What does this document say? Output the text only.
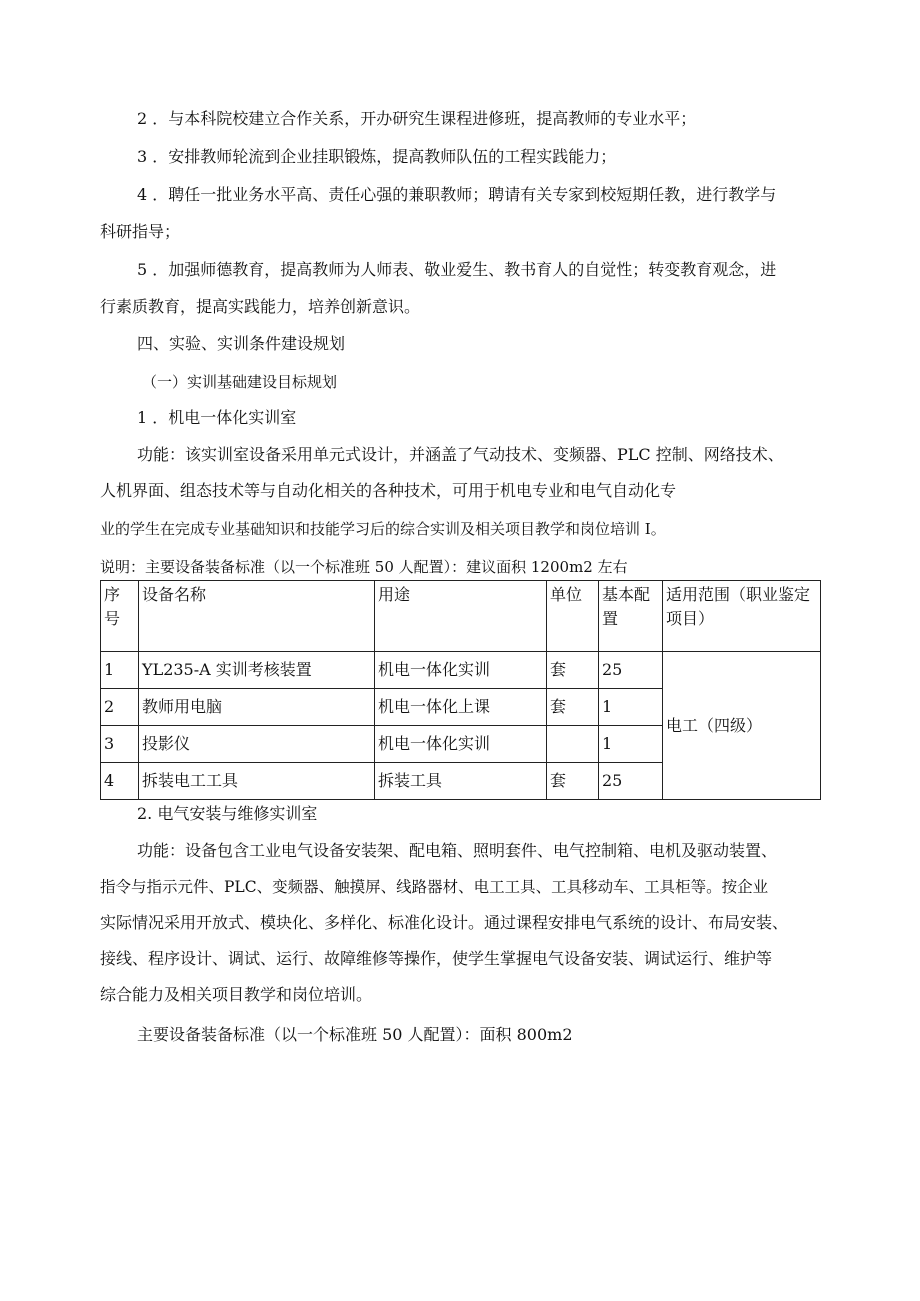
2 ．与本科院校建立合作关系，开办研究生课程进修班，提高教师的专业水平；
3 ．安排教师轮流到企业挂职锻炼，提高教师队伍的工程实践能力；
4 ．聘任一批业务水平高、责任心强的兼职教师；聘请有关专家到校短期任教，进行教学与
科研指导；
5 ．加强师德教育，提高教师为人师表、敬业爱生、教书育人的自觉性；转变教育观念，进
行素质教育，提高实践能力，培养创新意识。
四、实验、实训条件建设规划
（一）实训基础建设目标规划
1 ．机电一体化实训室
功能：该实训室设备采用单元式设计，并涵盖了气动技术、变频器、PLC 控制、网络技术、
人机界面、组态技术等与自动化相关的各种技术，可用于机电专业和电气自动化专
业的学生在完成专业基础知识和技能学习后的综合实训及相关项目教学和岗位培训 I。
说明：主要设备装备标准（以一个标准班 50 人配置）：建议面积 1200m2 左右
序号	设备名称	用途	单位	基本配置	适用范围（职业鉴定项目）
1	YL235-A 实训考核装置	机电一体化实训	套	25	电工（四级）
2	教师用电脑	机电一体化上课	套	1	
3	投影仪	机电一体化实训		1	
4	拆装电工工具	拆装工具	套	25	
2. 电气安装与维修实训室
功能：设备包含工业电气设备安装架、配电箱、照明套件、电气控制箱、电机及驱动装置、
指令与指示元件、PLC、变频器、触摸屏、线路器材、电工工具、工具移动车、工具柜等。按企业
实际情况采用开放式、模块化、多样化、标准化设计。通过课程安排电气系统的设计、布局安装、
接线、程序设计、调试、运行、故障维修等操作，使学生掌握电气设备安装、调试运行、维护等
综合能力及相关项目教学和岗位培训。
主要设备装备标准（以一个标准班 50 人配置）：面积 800m2
